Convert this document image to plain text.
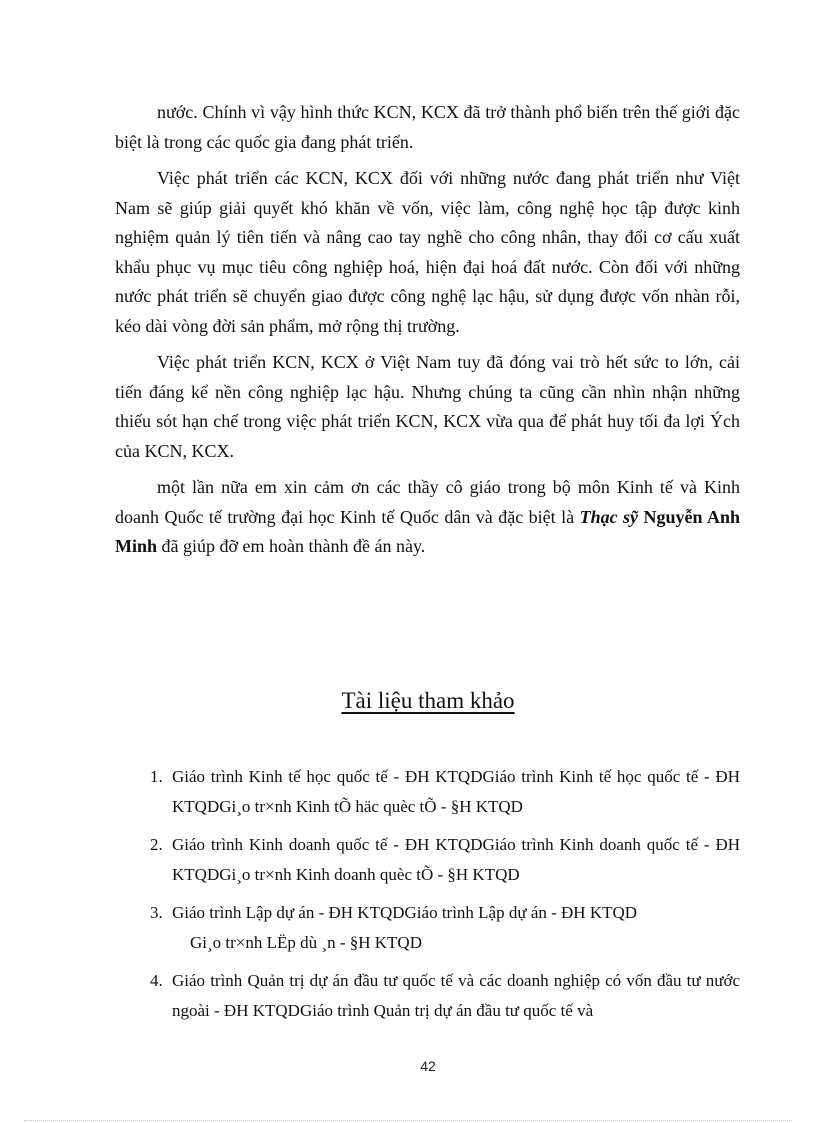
nước. Chính vì vậy hình thức KCN, KCX đã trở thành phổ biến trên thế giới đặc biệt là trong các quốc gia đang phát triển.

Việc phát triển các KCN, KCX đối với những nước đang phát triển như Việt Nam sẽ giúp giải quyết khó khăn về vốn, việc làm, công nghệ học tập được kinh nghiệm quản lý tiên tiến và nâng cao tay nghề cho công nhân, thay đổi cơ cấu xuất khẩu phục vụ mục tiêu công nghiệp hoá, hiện đại hoá đất nước. Còn đối với những nước phát triển sẽ chuyển giao được công nghệ lạc hậu, sử dụng được vốn nhàn rỗi, kéo dài vòng đời sản phẩm, mở rộng thị trường.

Việc phát triển KCN, KCX ở Việt Nam tuy đã đóng vai trò hết sức to lớn, cải tiến đáng kể nền công nghiệp lạc hậu. Nhưng chúng ta cũng cần nhìn nhận những thiếu sót hạn chế trong việc phát triển KCN, KCX vừa qua để phát huy tối đa lợi Ých của KCN, KCX.

một lần nữa em xin cảm ơn các thầy cô giáo trong bộ môn Kinh tế và Kinh doanh Quốc tế trường đại học Kinh tế Quốc dân và đặc biệt là Thạc sỹ Nguyễn Anh Minh đã giúp đỡ em hoàn thành đề án này.

Tài liệu tham khảo
1. Giáo trình Kinh tế học quốc tế - ĐH KTQDGiáo trình Kinh tế học quốc tế - ĐH KTQDGi¸o tr×nh Kinh tÕ häc quèc tÕ - §H KTQD
2. Giáo trình Kinh doanh quốc tế - ĐH KTQDGiáo trình Kinh doanh quốc tế - ĐH KTQDGi¸o tr×nh Kinh doanh quèc tÕ - §H KTQD
3. Giáo trình Lập dự án - ĐH KTQDGiáo trình Lập dự án - ĐH KTQD
Gi¸o tr×nh LËp dù ¸n - §H KTQD
4. Giáo trình Quản trị dự án đầu tư quốc tế và các doanh nghiệp có vốn đầu tư nước ngoài - ĐH KTQDGiáo trình Quản trị dự án đầu tư quốc tế và
42
